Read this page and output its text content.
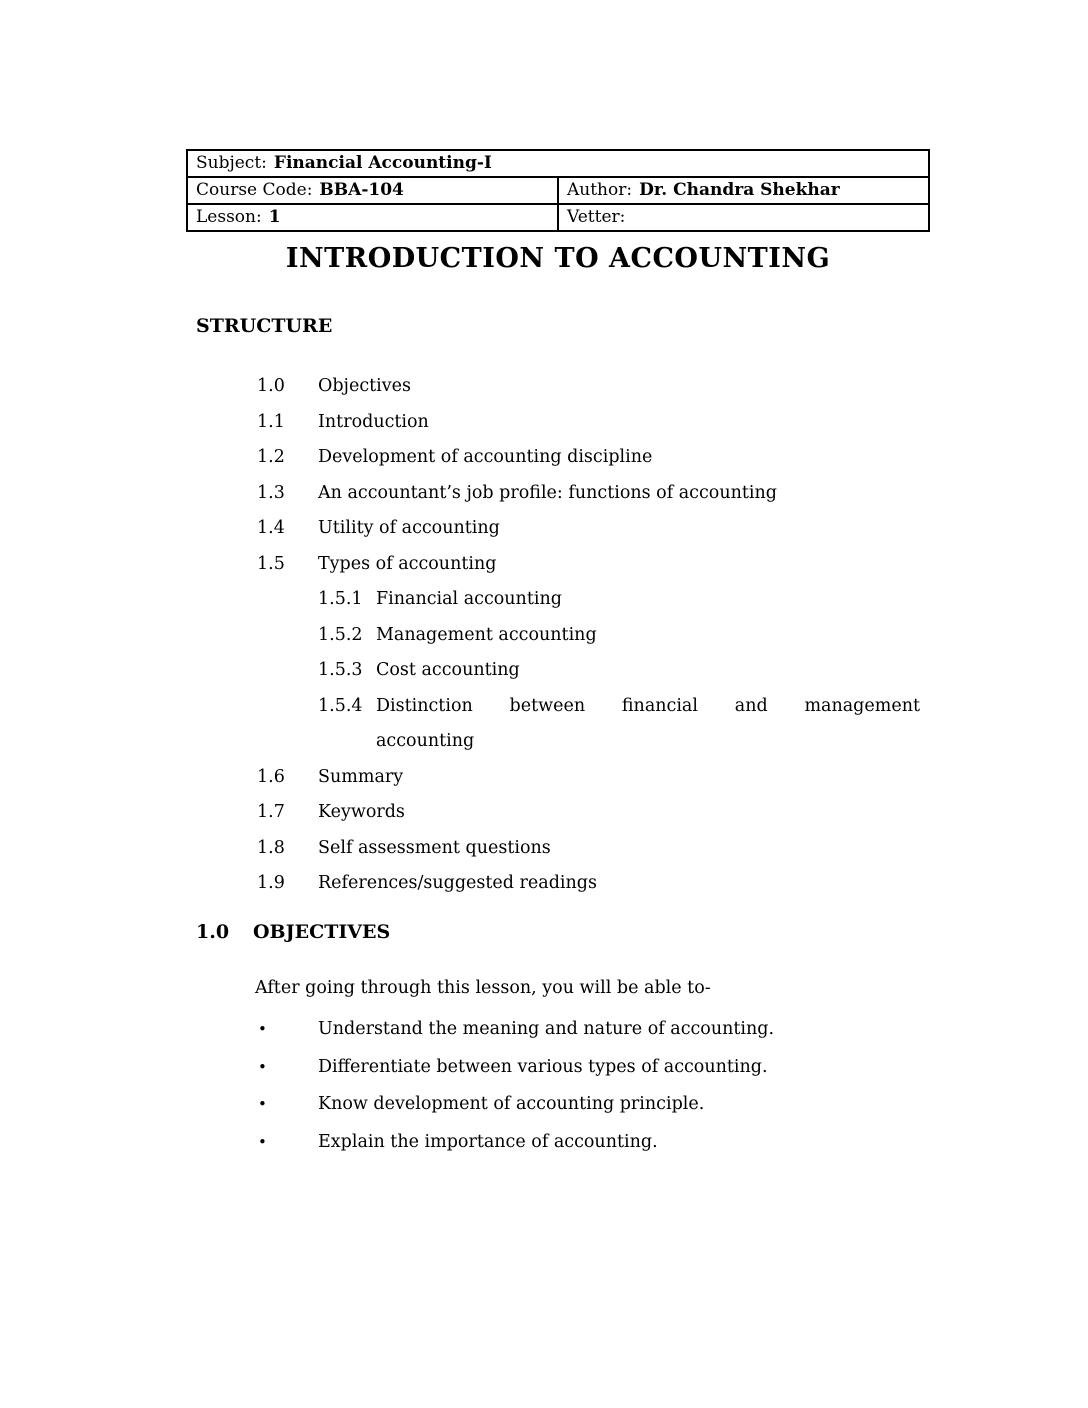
Subject: Financial Accounting-I	
Course Code: BBA-104	Author: Dr. Chandra Shekhar
Lesson: 1	Vetter:
INTRODUCTION TO ACCOUNTING
STRUCTURE
1.0	Objectives
1.1	Introduction
1.2	Development of accounting discipline
1.3	An accountant’s job profile: functions of accounting
1.4	Utility of accounting
1.5	Types of accounting
1.5.1 Financial accounting
1.5.2 Management accounting
1.5.3 Cost accounting
1.5.4 Distinction between financial and management
accounting
1.6	Summary
1.7	Keywords
1.8	Self assessment questions
1.9	References/suggested readings
1.0	OBJECTIVES

After going through this lesson, you will be able to-

•	Understand the meaning and nature of accounting.
•	Differentiate between various types of accounting.
•	Know development of accounting principle.
•	Explain the importance of accounting.
